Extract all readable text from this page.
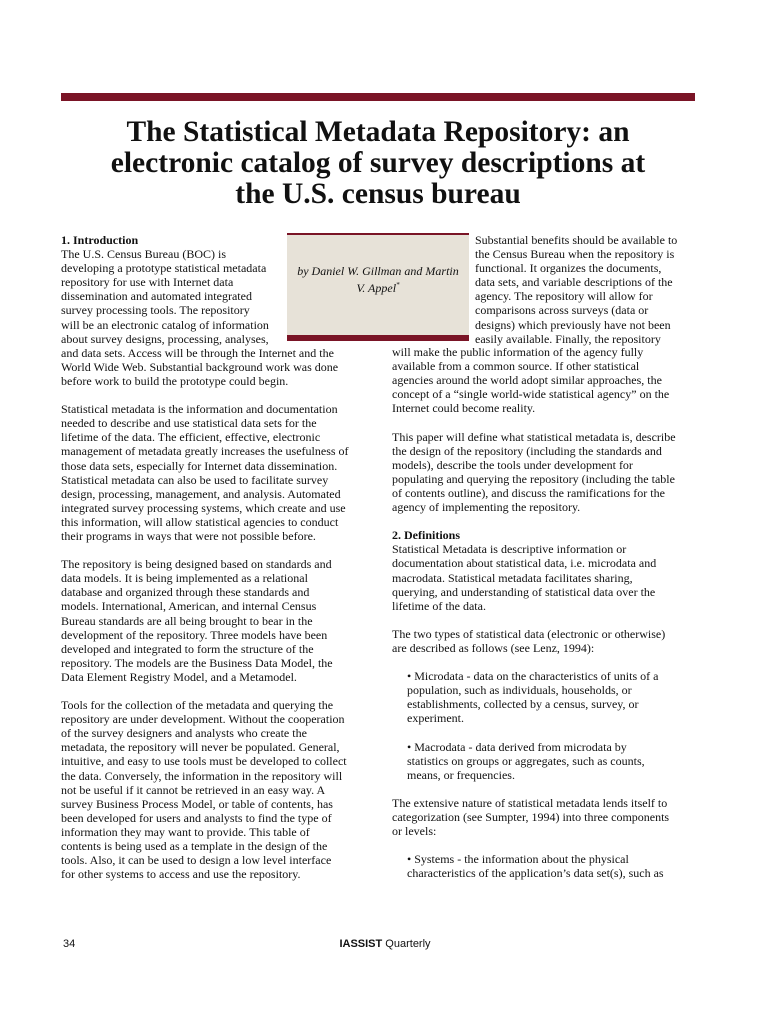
The Statistical Metadata Repository: an
electronic catalog of survey descriptions at
the U.S. census bureau
by Daniel W. Gillman and Martin
V. Appel*
1. Introduction

The U.S. Census Bureau (BOC) is

developing a prototype statistical metadata

repository for use with Internet data

dissemination and automated integrated

survey processing tools. The repository

will be an electronic catalog of information

about survey designs, processing, analyses,

and data sets. Access will be through the Internet and the

World Wide Web. Substantial background work was done

before work to build the prototype could begin.

Statistical metadata is the information and documentation

needed to describe and use statistical data sets for the

lifetime of the data. The efficient, effective, electronic

management of metadata greatly increases the usefulness of

those data sets, especially for Internet data dissemination.

Statistical metadata can also be used to facilitate survey

design, processing, management, and analysis. Automated

integrated survey processing systems, which create and use

this information, will allow statistical agencies to conduct

their programs in ways that were not possible before.

The repository is being designed based on standards and

data models. It is being implemented as a relational

database and organized through these standards and

models. International, American, and internal Census

Bureau standards are all being brought to bear in the

development of the repository. Three models have been

developed and integrated to form the structure of the

repository. The models are the Business Data Model, the

Data Element Registry Model, and a Metamodel.

Tools for the collection of the metadata and querying the

repository are under development. Without the cooperation

of the survey designers and analysts who create the

metadata, the repository will never be populated. General,

intuitive, and easy to use tools must be developed to collect

the data. Conversely, the information in the repository will

not be useful if it cannot be retrieved in an easy way. A

survey Business Process Model, or table of contents, has

been developed for users and analysts to find the type of

information they may want to provide. This table of

contents is being used as a template in the design of the

tools. Also, it can be used to design a low level interface

for other systems to access and use the repository.

Substantial benefits should be available to

the Census Bureau when the repository is

functional. It organizes the documents,

data sets, and variable descriptions of the

agency. The repository will allow for

comparisons across surveys (data or

designs) which previously have not been

easily available. Finally, the repository

will make the public information of the agency fully

available from a common source. If other statistical

agencies around the world adopt similar approaches, the

concept of a “single world-wide statistical agency” on the

Internet could become reality.

This paper will define what statistical metadata is, describe

the design of the repository (including the standards and

models), describe the tools under development for

populating and querying the repository (including the table

of contents outline), and discuss the ramifications for the

agency of implementing the repository.

2. Definitions

Statistical Metadata is descriptive information or

documentation about statistical data, i.e. microdata and

macrodata. Statistical metadata facilitates sharing,

querying, and understanding of statistical data over the

lifetime of the data.

The two types of statistical data (electronic or otherwise)

are described as follows (see Lenz, 1994):

• Microdata - data on the characteristics of units of a

population, such as individuals, households, or

establishments, collected by a census, survey, or

experiment.

• Macrodata - data derived from microdata by

statistics on groups or aggregates, such as counts,

means, or frequencies.

The extensive nature of statistical metadata lends itself to

categorization (see Sumpter, 1994) into three components

or levels:

• Systems - the information about the physical

characteristics of the application’s data set(s), such as

34	IASSIST Quarterly
